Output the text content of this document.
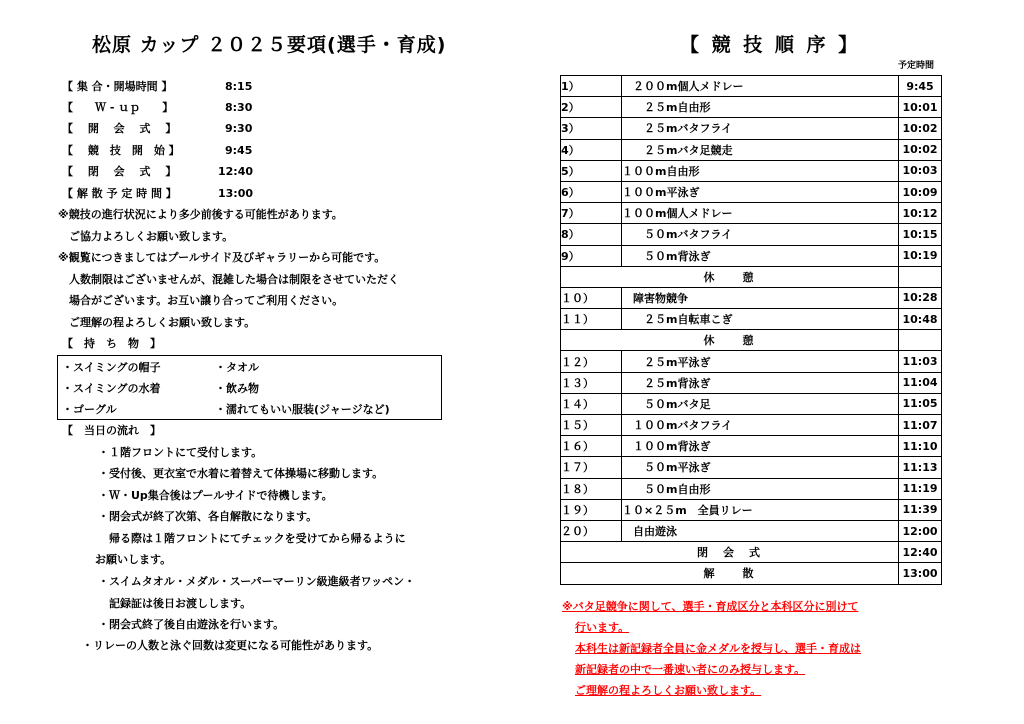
松原 カップ ２０２５要項(選手・育成)
【 集 合・開場時間 】	8:15
【　　Ｗ - ｕｐ　　】	8:30
【　 開　 会　 式　 】	9:30
【　 競　技　開　始 】	9:45
【　 閉　 会　 式　 】	12:40
【 解 散 予 定 時 間 】	13:00
※競技の進行状況により多少前後する可能性があります。
　ご協力よろしくお願い致します。
※観覧につきましてはプールサイド及びギャラリーから可能です。
　人数制限はございませんが、混雑した場合は制限をさせていただく
　場合がございます。お互い譲り合ってご利用ください。
　ご理解の程よろしくお願い致します。
【　持　ち　物　】
・スイミングの帽子	・タオル
・スイミングの水着	・飲み物
・ゴーグル	・濡れてもいい服装(ジャージなど)
【　当日の流れ　】
・１階フロントにて受付します。
・受付後、更衣室で水着に着替えて体操場に移動します。
・Ｗ・Up集合後はプールサイドで待機します。
・閉会式が終了次第、各自解散になります。
　帰る際は１階フロントにてチェックを受けてから帰るように
お願いします。
・スイムタオル・メダル・スーパーマーリン級進級者ワッペン・
　記録証は後日お渡しします。
・閉会式終了後自由遊泳を行います。
・リレーの人数と泳ぐ回数は変更になる可能性があります。
【 競 技 順 序 】
予定時間
1）	　２００m個人メドレー	9:45
2）	　　２５m自由形	10:01
3）	　　２５mバタフライ	10:02
4）	　　２５mバタ足競走	10:02
5）	１００m自由形	10:03
6）	１００m平泳ぎ	10:09
7）	１００m個人メドレー	10:12
8）	　　５０mバタフライ	10:15
9）	　　５０m背泳ぎ	10:19
休　　憩		
１０）	　障害物競争	10:28
１１）	　　２５m自転車こぎ	10:48
休　　憩		
１２）	　　２５m平泳ぎ	11:03
１３）	　　２５m背泳ぎ	11:04
１４）	　　５０mバタ足	11:05
１５）	　１００mバタフライ	11:07
１６）	　１００m背泳ぎ	11:10
１７）	　　５０m平泳ぎ	11:13
１８）	　　５０m自由形	11:19
１９）	１０×２５m　全員リレー	11:39
２０）	　自由遊泳	12:00
閉　会　式		12:40
解　　散		13:00
※バタ足競争に関して、選手・育成区分と本科区分に別けて
行います。
本科生は新記録者全員に金メダルを授与し、選手・育成は
新記録者の中で一番速い者にのみ授与します。
ご理解の程よろしくお願い致します。
